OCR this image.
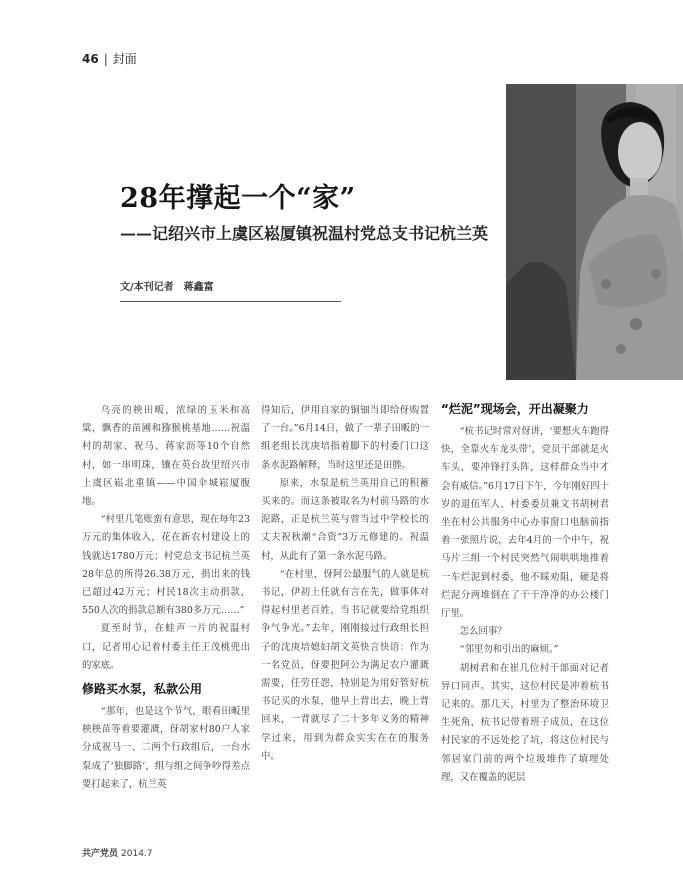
46 | 封面
28年撑起一个“家”
——记绍兴市上虞区崧厦镇祝温村党总支书记杭兰英
文/本刊记者 蒋鑫富

乌亮的秧田畈，浓绿的玉米和高粱，飘香的苗圃和猕猴桃基地……祝温村的胡家、祝马、蒋家沥等10个自然村，如一串明珠，镶在英台故里绍兴市上虞区崧北重镇——中国伞城崧厦腹地。

“村里几笔账蛮有意思，现在每年23万元的集体收入，花在新农村建设上的钱就达1780万元；村党总支书记杭兰英28年总的所得26.38万元，捐出来的钱已超过42万元；村民18次主动捐款，550人次的捐款总额有380多万元……”

夏至时节，在蛙声一片的祝温村口，记者用心记着村委主任王茂桃兜出的家底。

修路买水泵，私款公用

“那年，也是这个节气，眼看田畈里秧秧苗等着要灌溉，伢胡家村80户人家分成祝马一、二两个行政组后，一台水泵成了‘独脚路’，组与组之间争吵得差点要打起来了，杭兰英

得知后，伊用自家的铜钿当即给伢购置了一台。”6月14日，做了一辈子田畈的一组老组长沈庚培指着脚下的村委门口这条水泥路解释，当时这里还是田塍。

原来，水泵是杭兰英用自己的积蓄买来的。而这条被取名为村前马路的水泥路，正是杭兰英与曾当过中学校长的丈夫祝秋潮“合资”3万元修建的。祝温村，从此有了第一条水泥马路。

“在村里，伢阿公最服气的人就是杭书记，伊初上任就有言在先，做事体对得起村里老百姓，当书记就要给党组织争气争光。”去年，刚刚接过行政组长担子的沈庚培媳妇胡文英快言快语：作为一名党员，伢要把阿公为满足农户灌溉需要，任劳任怨，特别是为用好管好杭书记买的水泵，他早上背出去，晚上背回来，一背就尽了二十多年义务的精神学过来，用到为群众实实在在的服务中。

“烂泥”现场会，开出凝聚力

“杭书记时常对伢讲，‘要想火车跑得快，全靠火车龙头带’，党员干部就是火车头，要冲锋打头阵，这样群众当中才会有威信。”6月17日下午，今年刚好四十岁的退伍军人、村委委员兼文书胡树君坐在村公共服务中心办事窗口电脑前指着一张照片说，去年4月的一个中午，祝马片三组一个村民突然气闹哄哄地推着一车烂泥到村委，他不睬劝阻，硬是将烂泥分两堆倒在了干干净净的办公楼门厅里。

怎么回事？

“邻里勿和引出的麻烦。”

胡树君和在崔几位村干部面对记者异口同声。其实，这位村民是冲着杭书记来的。那几天，村里为了整治环境卫生死角，杭书记带着班子成员，在这位村民家的不远处挖了坑，将这位村民与邻居家门前的两个垃圾堆作了填埋处理，又在覆盖的泥层

共产党员 2014.7
